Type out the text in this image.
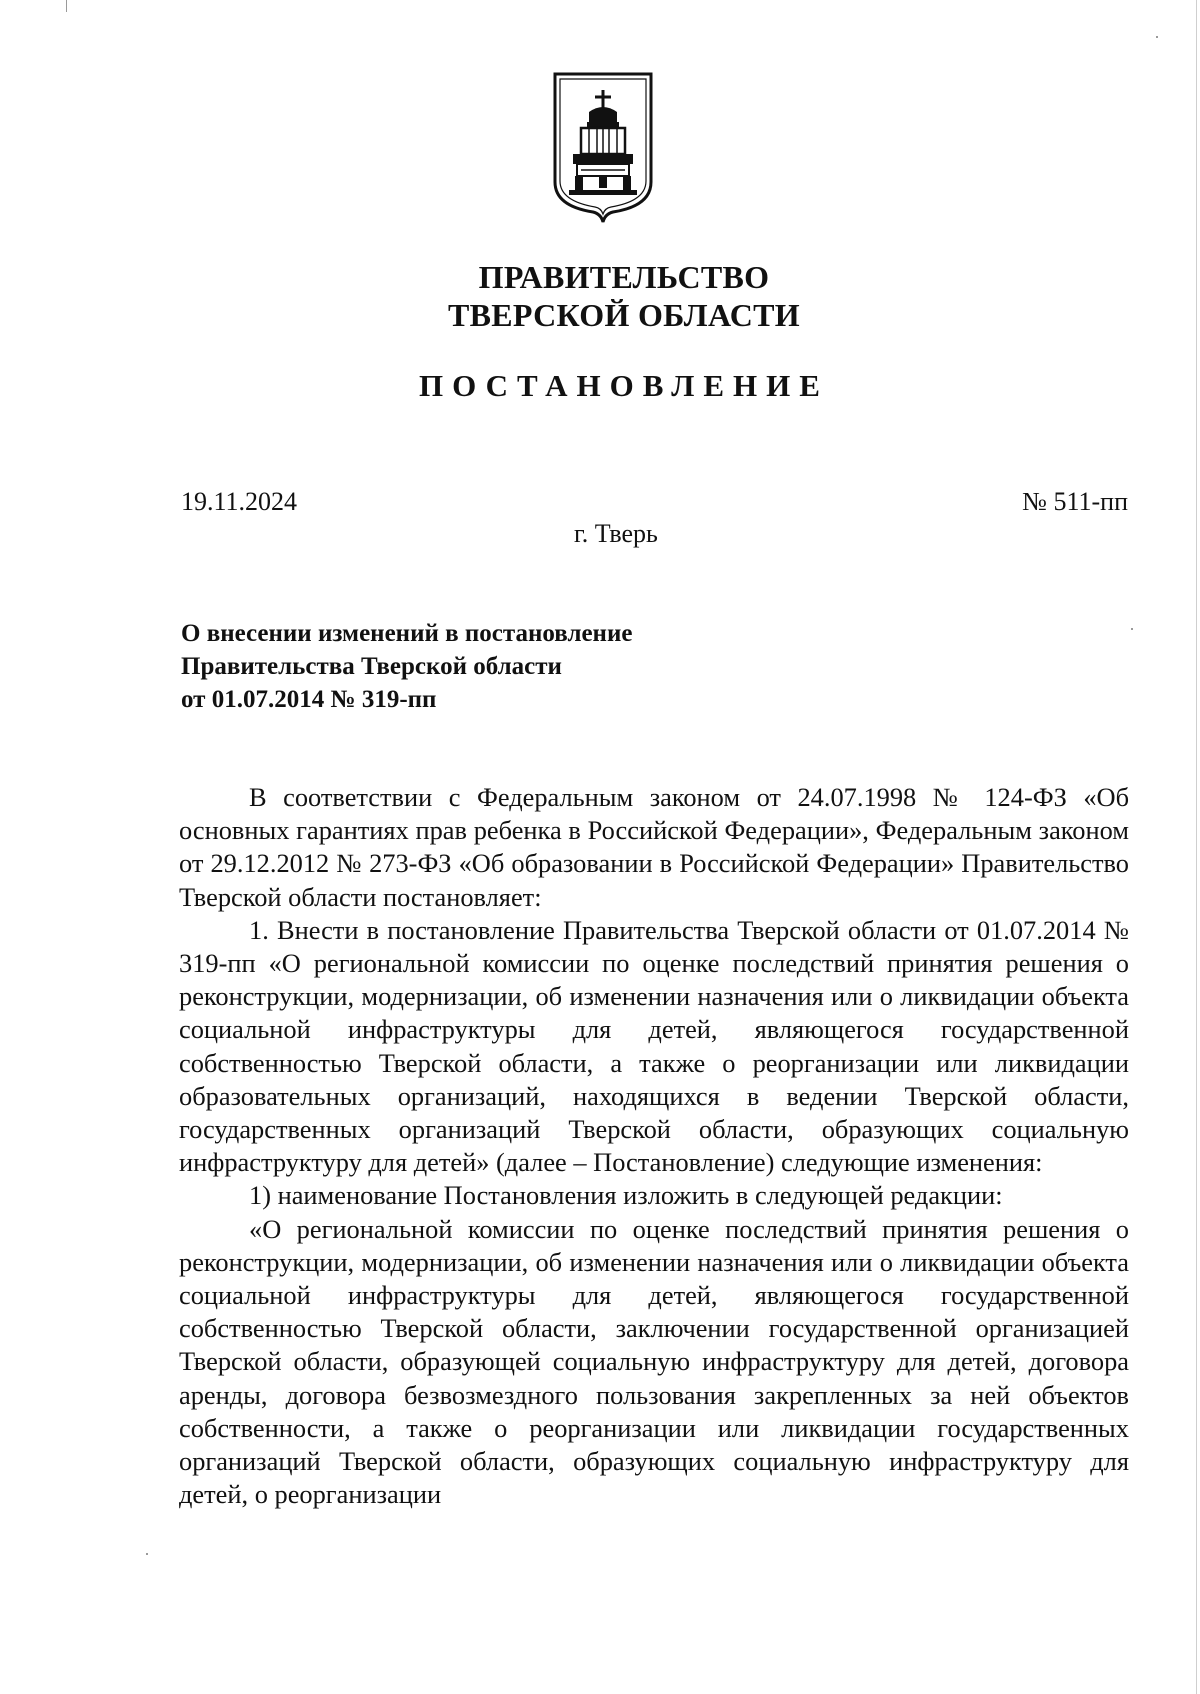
ПРАВИТЕЛЬСТВО
ТВЕРСКОЙ ОБЛАСТИ
ПОСТАНОВЛЕНИЕ
19.11.2024	№ 511-пп
г. Тверь
О внесении изменений в постановление
Правительства Тверской области
от 01.07.2014 № 319-пп

В соответствии с Федеральным законом от 24.07.1998 № 124-ФЗ «Об основных гарантиях прав ребенка в Российской Федерации», Федеральным законом от 29.12.2012 № 273-ФЗ «Об образовании в Российской Федерации» Правительство Тверской области постановляет:

1. Внести в постановление Правительства Тверской области от 01.07.2014 № 319-пп «О региональной комиссии по оценке последствий принятия решения о реконструкции, модернизации, об изменении назначения или о ликвидации объекта социальной инфраструктуры для детей, являющегося государственной собственностью Тверской области, а также о реорганизации или ликвидации образовательных организаций, находящихся в ведении Тверской области, государственных организаций Тверской области, образующих социальную инфраструктуру для детей» (далее – Постановление) следующие изменения:

1) наименование Постановления изложить в следующей редакции:

«О региональной комиссии по оценке последствий принятия решения о реконструкции, модернизации, об изменении назначения или о ликвидации объекта социальной инфраструктуры для детей, являющегося государственной собственностью Тверской области, заключении государственной организацией Тверской области, образующей социальную инфраструктуру для детей, договора аренды, договора безвозмездного пользования закрепленных за ней объектов собственности, а также о реорганизации или ликвидации государственных организаций Тверской области, образующих социальную инфраструктуру для детей, о реорганизации
